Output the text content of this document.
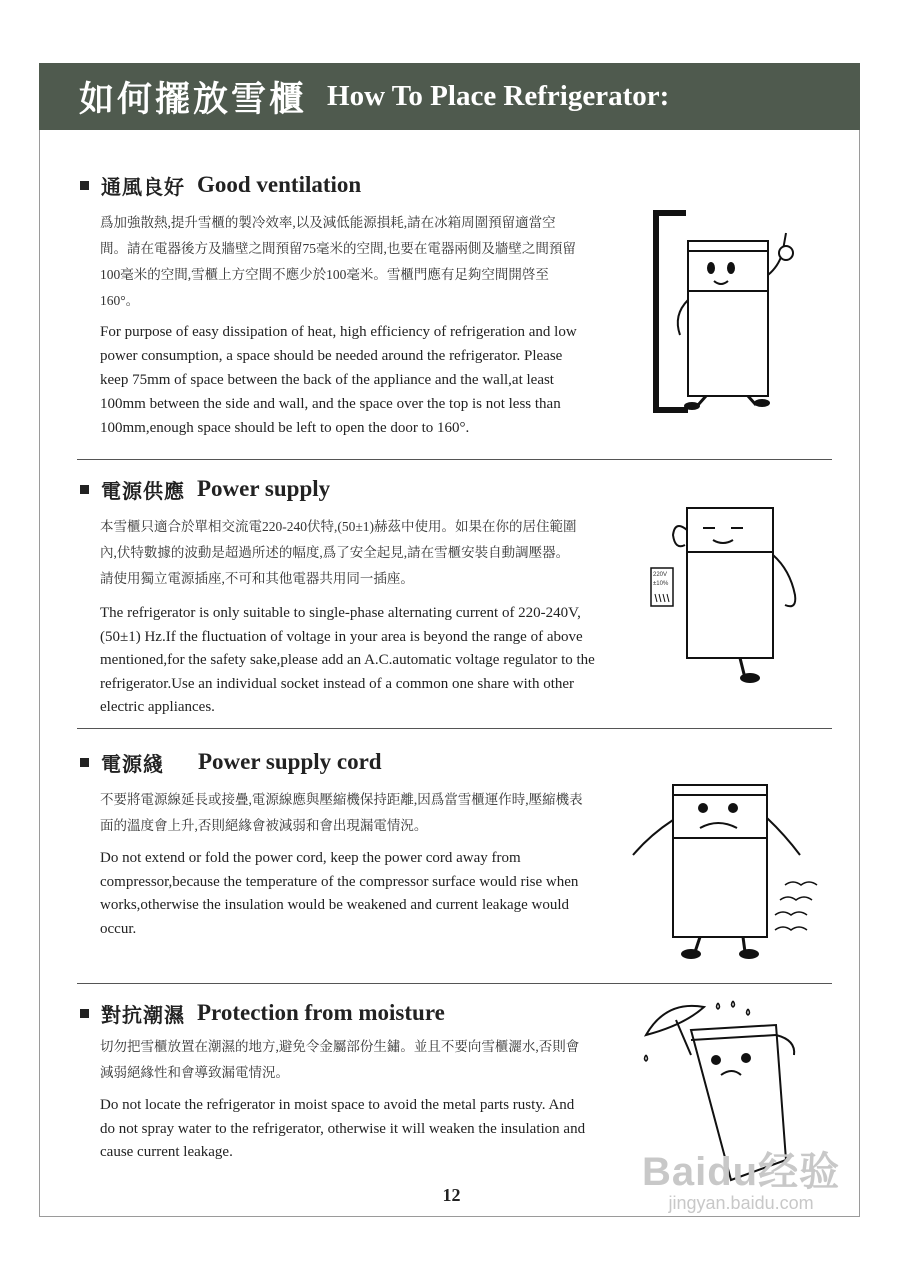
如何擺放雪櫃 How To Place Refrigerator:
通風良好 Good ventilation
爲加強散熱,提升雪櫃的製冷效率,以及減低能源損耗,請在冰箱周圍預留適當空間。請在電器後方及牆壁之間預留75毫米的空間,也要在電器兩側及牆壁之間預留100毫米的空間,雪櫃上方空間不應少於100毫米。雪櫃門應有足夠空間開啓至160°。
For purpose of easy dissipation of heat, high efficiency of refrigeration and low power consumption, a space should be needed around the refrigerator. Please keep 75mm of space between the back of the appliance and the wall,at least 100mm between the side and wall, and the space over the top is not less than 100mm,enough space should be left to open the door to 160°.
電源供應 Power supply
本雪櫃只適合於單相交流電220-240伏特,(50±1)赫茲中使用。如果在你的居住範圍內,伏特數據的波動是超過所述的幅度,爲了安全起見,請在雪櫃安裝自動調壓器。請使用獨立電源插座,不可和其他電器共用同一插座。
The refrigerator is only suitable to single-phase alternating current of 220-240V, (50±1) Hz.If the fluctuation of voltage in your area is beyond the range of above mentioned,for the safety sake,please add an A.C.automatic voltage regulator to the refrigerator.Use an individual socket instead of a common one share with other electric appliances.
220V
±10%
電源綫 Power supply cord
不要將電源線延長或接疊,電源線應與壓縮機保持距離,因爲當雪櫃運作時,壓縮機表面的溫度會上升,否則絕緣會被減弱和會出現漏電情況。
Do not extend or fold the power cord, keep the power cord away from compressor,because the temperature of the compressor surface would rise when works,otherwise the insulation would be weakened and current leakage would occur.
對抗潮濕 Protection from moisture
切勿把雪櫃放置在潮濕的地方,避免令金屬部份生鏽。並且不要向雪櫃灑水,否則會減弱絕緣性和會導致漏電情況。
Do not locate the refrigerator in moist space to avoid the metal parts rusty. And do not spray water to the refrigerator, otherwise it will weaken the insulation and cause current leakage.
12
Baidu经验
jingyan.baidu.com
